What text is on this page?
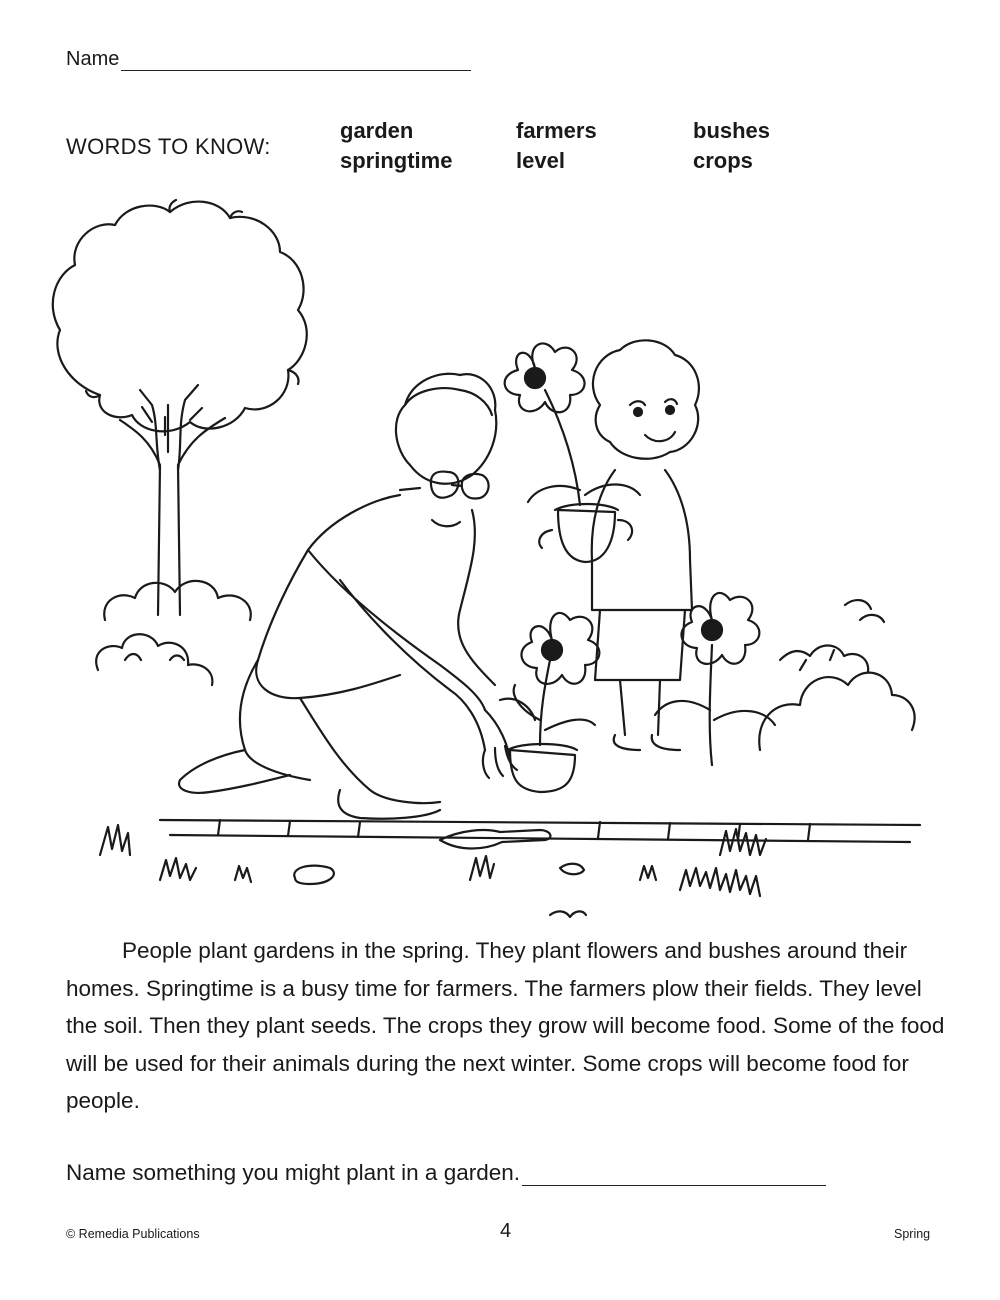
Name
WORDS TO KNOW:
garden
springtime
farmers
level
bushes
crops

People plant gardens in the spring. They plant flowers and bushes around their homes. Springtime is a busy time for farmers. The farmers plow their fields. They level the soil. Then they plant seeds. The crops they grow will become food. Some of the food will be used for their animals during the next winter. Some crops will become food for people.

Name something you might plant in a garden.
© Remedia Publications	4	Spring
